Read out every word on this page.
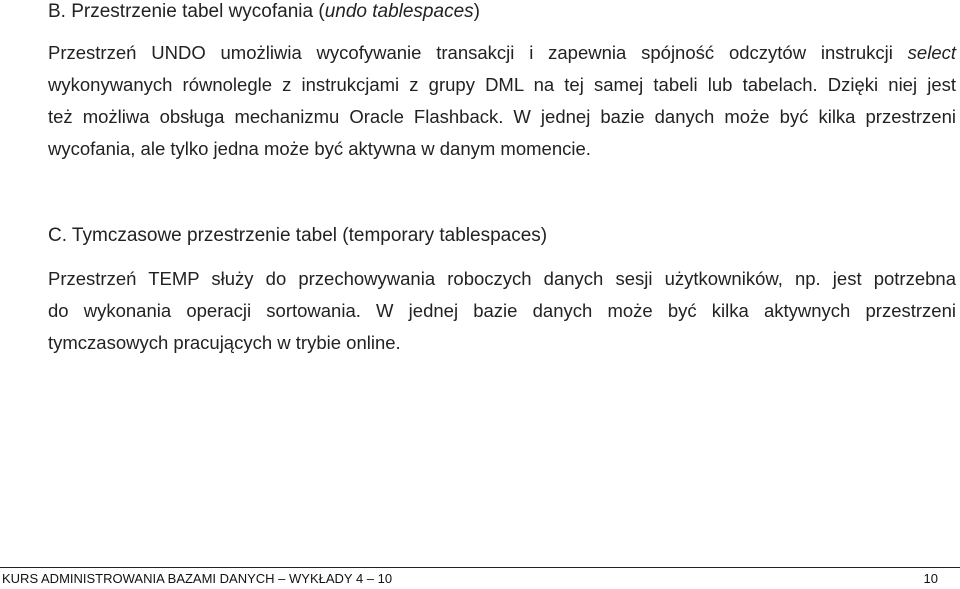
B. Przestrzenie tabel wycofania (undo tablespaces)

Przestrzeń UNDO umożliwia wycofywanie transakcji i zapewnia spójność odczytów instrukcji select
wykonywanych równolegle z instrukcjami z grupy DML na tej samej tabeli lub tabelach. Dzięki niej jest
też możliwa obsługa mechanizmu Oracle Flashback. W jednej bazie danych może być kilka przestrzeni
wycofania, ale tylko jedna może być aktywna w danym momencie.

C. Tymczasowe przestrzenie tabel (temporary tablespaces)

Przestrzeń TEMP służy do przechowywania roboczych danych sesji użytkowników, np. jest potrzebna
do wykonania operacji sortowania. W jednej bazie danych może być kilka aktywnych przestrzeni
tymczasowych pracujących w trybie online.

KURS ADMINISTROWANIA BAZAMI DANYCH – WYKŁADY 4 – 10	10
